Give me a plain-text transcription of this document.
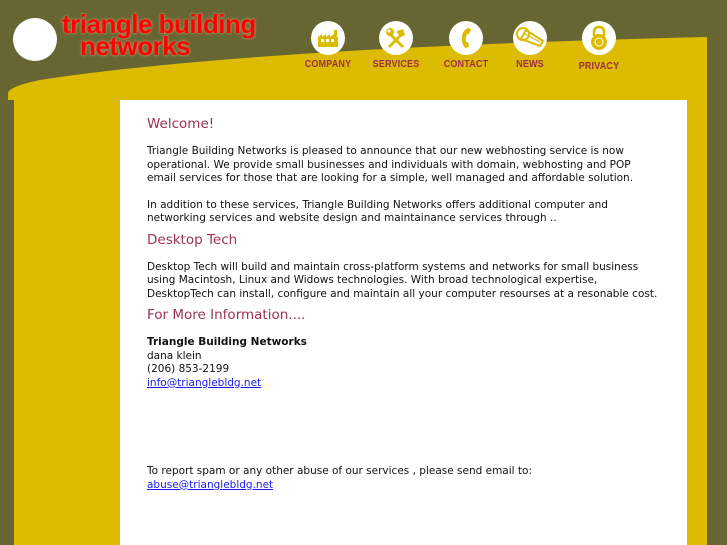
triangle building
networks
COMPANY	SERVICES	CONTACT	NEWS	PRIVACY
Welcome!

Triangle Building Networks is pleased to announce that our new webhosting service is now operational. We provide small businesses and individuals with domain, webhosting and POP email services for those that are looking for a simple, well managed and affordable solution.

In addition to these services, Triangle Building Networks offers additional computer and networking services and website design and maintainance services through ..

Desktop Tech

Desktop Tech will build and maintain cross-platform systems and networks for small business using Macintosh, Linux and Widows technologies. With broad technological expertise, DesktopTech can install, configure and maintain all your computer resourses at a resonable cost.

For More Information....

Triangle Building Networks

dana klein

(206) 853-2199

info@trianglebldg.net

To report spam or any other abuse of our services , please send email to:

abuse@trianglebldg.net
